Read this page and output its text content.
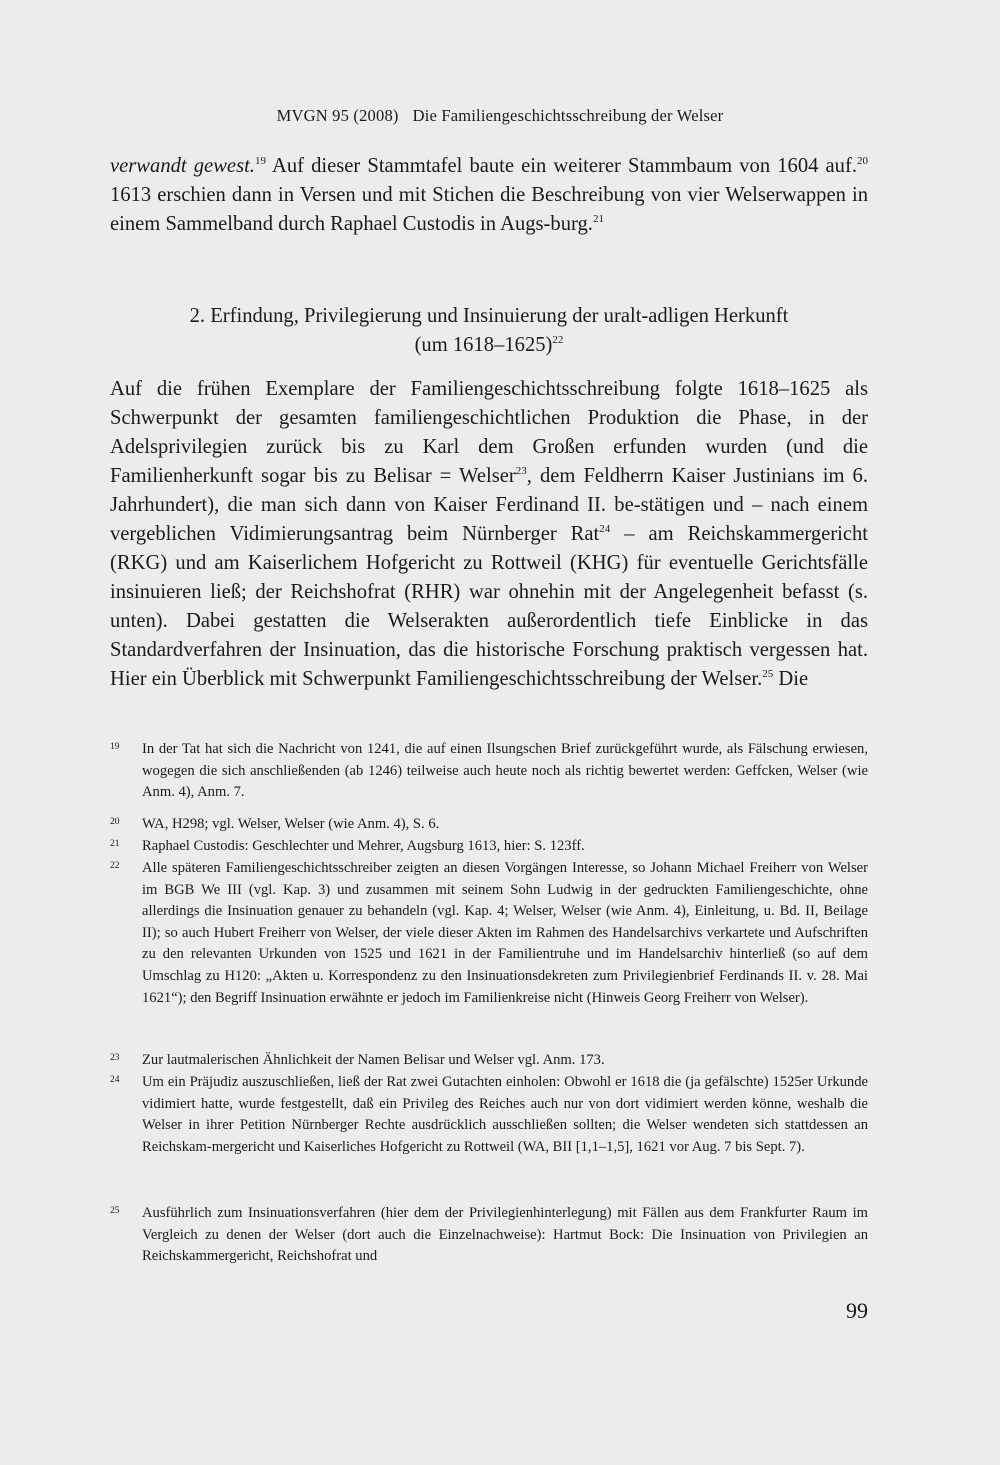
MVGN 95 (2008) Die Familiengeschichtsschreibung der Welser

verwandt gewest.$^{19}$ Auf dieser Stammtafel baute ein weiterer Stammbaum von 1604 auf.$^{20}$ 1613 erschien dann in Versen und mit Stichen die Beschreibung von vier Welserwappen in einem Sammelband durch Raphael Custodis in Augs-burg.$^{21}$

2. Erfindung, Privilegierung und Insinuierung der uralt-adligen Herkunft
(um 1618–1625)$^{22}$

Auf die frühen Exemplare der Familiengeschichtsschreibung folgte 1618–1625 als Schwerpunkt der gesamten familiengeschichtlichen Produktion die Phase, in der Adelsprivilegien zurück bis zu Karl dem Großen erfunden wurden (und die Familienherkunft sogar bis zu Belisar = Welser$^{23}$, dem Feldherrn Kaiser Justinians im 6. Jahrhundert), die man sich dann von Kaiser Ferdinand II. be-stätigen und – nach einem vergeblichen Vidimierungsantrag beim Nürnberger Rat$^{24}$ – am Reichskammergericht (RKG) und am Kaiserlichem Hofgericht zu Rottweil (KHG) für eventuelle Gerichtsfälle insinuieren ließ; der Reichshofrat (RHR) war ohnehin mit der Angelegenheit befasst (s. unten). Dabei gestatten die Welserakten außerordentlich tiefe Einblicke in das Standardverfahren der Insinuation, das die historische Forschung praktisch vergessen hat. Hier ein Überblick mit Schwerpunkt Familiengeschichtsschreibung der Welser.$^{25}$ Die

19	In der Tat hat sich die Nachricht von 1241, die auf einen Ilsungschen Brief zurückgeführt wurde, als Fälschung erwiesen, wogegen die sich anschließenden (ab 1246) teilweise auch heute noch als richtig bewertet werden: Geffcken, Welser (wie Anm. 4), Anm. 7.
20	WA, H298; vgl. Welser, Welser (wie Anm. 4), S. 6.
21	Raphael Custodis: Geschlechter und Mehrer, Augsburg 1613, hier: S. 123ff.
22	Alle späteren Familiengeschichtsschreiber zeigten an diesen Vorgängen Interesse, so Johann Michael Freiherr von Welser im BGB We III (vgl. Kap. 3) und zusammen mit seinem Sohn Ludwig in der gedruckten Familiengeschichte, ohne allerdings die Insinuation genauer zu behandeln (vgl. Kap. 4; Welser, Welser (wie Anm. 4), Einleitung, u. Bd. II, Beilage II); so auch Hubert Freiherr von Welser, der viele dieser Akten im Rahmen des Handelsarchivs verkartete und Aufschriften zu den relevanten Urkunden von 1525 und 1621 in der Familientruhe und im Handelsarchiv hinterließ (so auf dem Umschlag zu H120: „Akten u. Korrespondenz zu den Insinuationsdekreten zum Privilegienbrief Ferdinands II. v. 28. Mai 1621“); den Begriff Insinuation erwähnte er jedoch im Familienkreise nicht (Hinweis Georg Freiherr von Welser).
23	Zur lautmalerischen Ähnlichkeit der Namen Belisar und Welser vgl. Anm. 173.
24	Um ein Präjudiz auszuschließen, ließ der Rat zwei Gutachten einholen: Obwohl er 1618 die (ja gefälschte) 1525er Urkunde vidimiert hatte, wurde festgestellt, daß ein Privileg des Reiches auch nur von dort vidimiert werden könne, weshalb die Welser in ihrer Petition Nürnberger Rechte ausdrücklich ausschließen sollten; die Welser wendeten sich stattdessen an Reichskam-mergericht und Kaiserliches Hofgericht zu Rottweil (WA, BII [1,1–1,5], 1621 vor Aug. 7 bis Sept. 7).
25	Ausführlich zum Insinuationsverfahren (hier dem der Privilegienhinterlegung) mit Fällen aus dem Frankfurter Raum im Vergleich zu denen der Welser (dort auch die Einzelnachweise): Hartmut Bock: Die Insinuation von Privilegien an Reichskammergericht, Reichshofrat und
99
